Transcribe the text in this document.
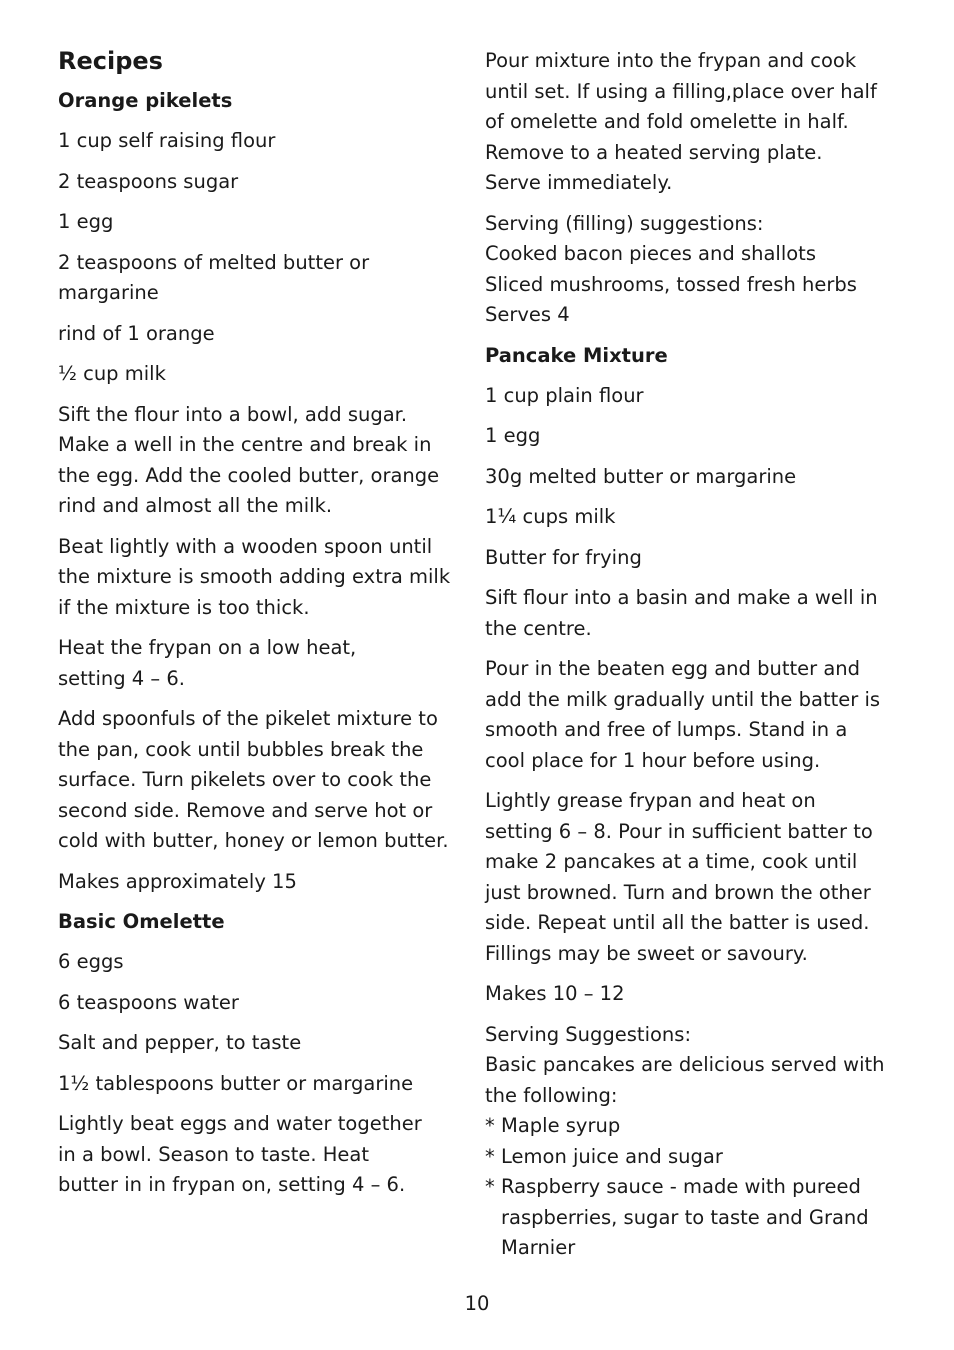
Recipes
Orange pikelets
1 cup self raising flour
2 teaspoons sugar
1 egg
2 teaspoons of melted butter or margarine
rind of 1 orange
½ cup milk
Sift the flour into a bowl, add sugar. Make a well in the centre and break in the egg. Add the cooled butter, orange rind and almost all the milk.
Beat lightly with a wooden spoon until the mixture is smooth adding extra milk if the mixture is too thick.
Heat the frypan on a low heat, setting 4 – 6.
Add spoonfuls of the pikelet mixture to the pan, cook until bubbles break the surface. Turn pikelets over to cook the second side. Remove and serve hot or cold with butter, honey or lemon butter.
Makes approximately 15
Basic Omelette
6 eggs
6 teaspoons water
Salt and pepper, to taste
1½ tablespoons butter or margarine
Lightly beat eggs and water together in a bowl. Season to taste. Heat butter in in frypan on, setting 4 – 6.
Pour mixture into the frypan and cook until set. If using a filling,place over half of omelette and fold omelette in half.
Remove to a heated serving plate.
Serve immediately.
Serving (filling) suggestions:
Cooked bacon pieces and shallots
Sliced mushrooms, tossed fresh herbs
Serves 4
Pancake Mixture
1 cup plain flour
1 egg
30g melted butter or margarine
1¼ cups milk
Butter for frying
Sift flour into a basin and make a well in the centre.
Pour in the beaten egg and butter and add the milk gradually until the batter is smooth and free of lumps. Stand in a cool place for 1 hour before using.
Lightly grease frypan and heat on setting 6 – 8. Pour in sufficient batter to make 2 pancakes at a time, cook until just browned. Turn and brown the other side. Repeat until all the batter is used. Fillings may be sweet or savoury.
Makes 10 – 12
Serving Suggestions:
Basic pancakes are delicious served with the following:
* Maple syrup
* Lemon juice and sugar
* Raspberry sauce - made with pureed raspberries, sugar to taste and Grand Marnier
10
